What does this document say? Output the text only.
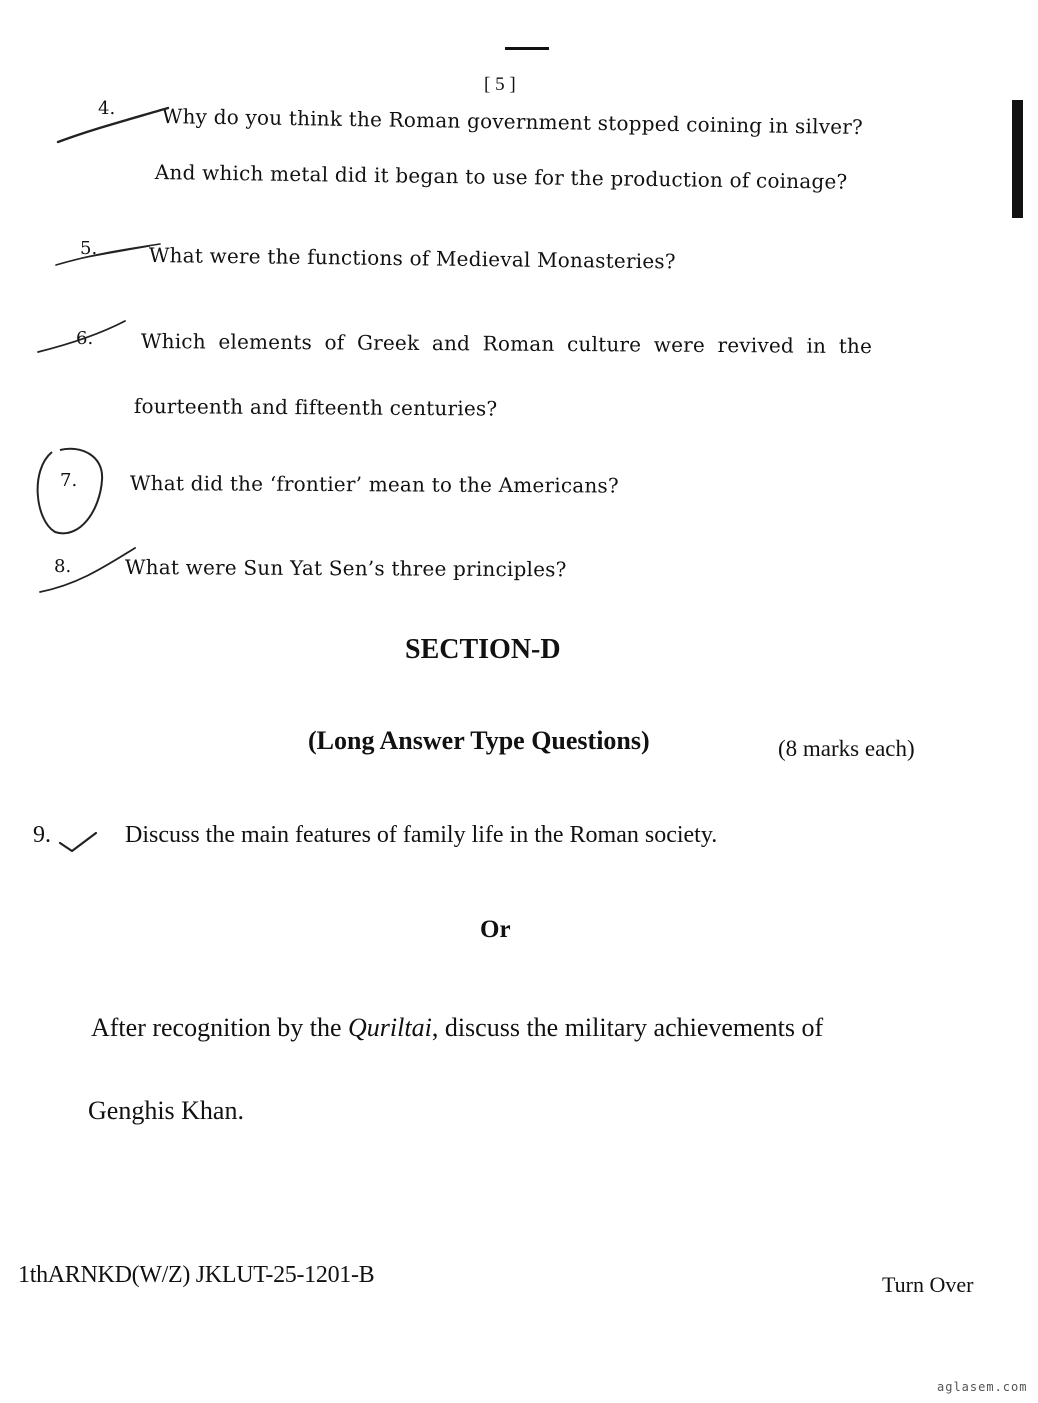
[ 5 ]
4. Why do you think the Roman government stopped coining in silver?
And which metal did it began to use for the production of coinage?
5.	What were the functions of Medieval Monasteries?
6. Which elements of Greek and Roman culture were revived in the
fourteenth and fifteenth centuries?
7.	What did the ‘frontier’ mean to the Americans?
8.	What were Sun Yat Sen’s three principles?
SECTION-D
(Long Answer Type Questions)	(8 marks each)
9.	Discuss the main features of family life in the Roman society.
Or
After recognition by the Quriltai, discuss the military achievements of
Genghis Khan.
1thARNKD(W/Z) JKLUT-25-1201-B	Turn Over
aglasem.com
